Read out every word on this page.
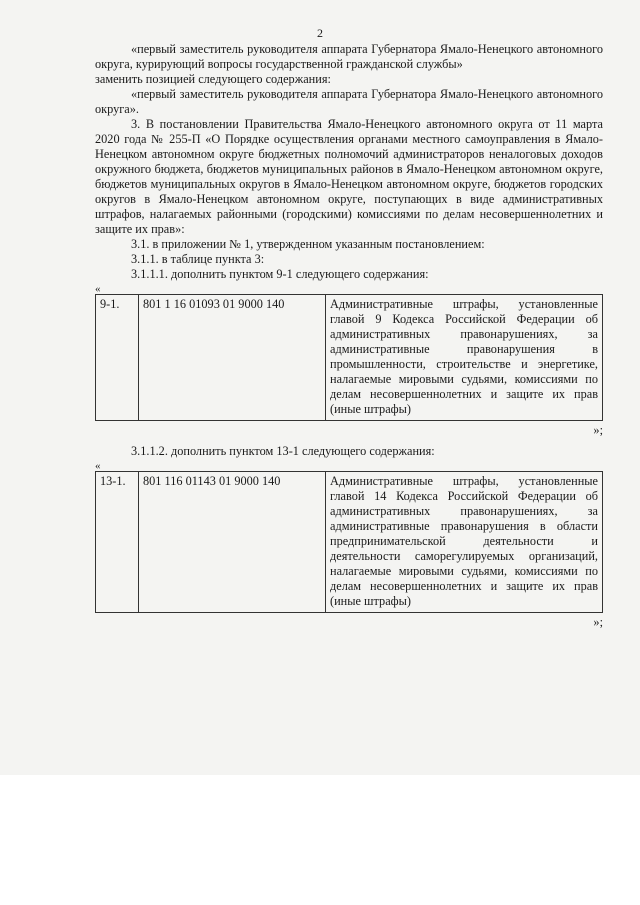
2

«первый заместитель руководителя аппарата Губернатора Ямало-Ненецкого автономного округа, курирующий вопросы государственной гражданской службы»

заменить позицией следующего содержания:

«первый заместитель руководителя аппарата Губернатора Ямало-Ненецкого автономного округа».

3. В постановлении Правительства Ямало-Ненецкого автономного округа от 11 марта 2020 года № 255-П «О Порядке осуществления органами местного самоуправления в Ямало-Ненецком автономном округе бюджетных полномочий администраторов неналоговых доходов окружного бюджета, бюджетов муниципальных районов в Ямало-Ненецком автономном округе, бюджетов муниципальных округов в Ямало-Ненецком автономном округе, бюджетов городских округов в Ямало-Ненецком автономном округе, поступающих в виде административных штрафов, налагаемых районными (городскими) комиссиями по делам несовершеннолетних и защите их прав»:

3.1. в приложении № 1, утвержденном указанным постановлением:

3.1.1. в таблице пункта 3:

3.1.1.1. дополнить пунктом 9-1 следующего содержания:

«
9-1.	801 1 16 01093 01 9000 140	Административные штрафы, установленные главой 9 Кодекса Российской Федерации об административных правонарушениях, за административные правонарушения в промышленности, строительстве и энергетике, налагаемые мировыми судьями, комиссиями по делам несовершеннолетних и защите их прав (иные штрафы)
»;

3.1.1.2. дополнить пунктом 13-1 следующего содержания:

«
13-1.	801 116 01143 01 9000 140	Административные штрафы, установленные главой 14 Кодекса Российской Федерации об административных правонарушениях, за административные правонарушения в области предпринимательской деятельности и деятельности саморегулируемых организаций, налагаемые мировыми судьями, комиссиями по делам несовершеннолетних и защите их прав (иные штрафы)
»;
